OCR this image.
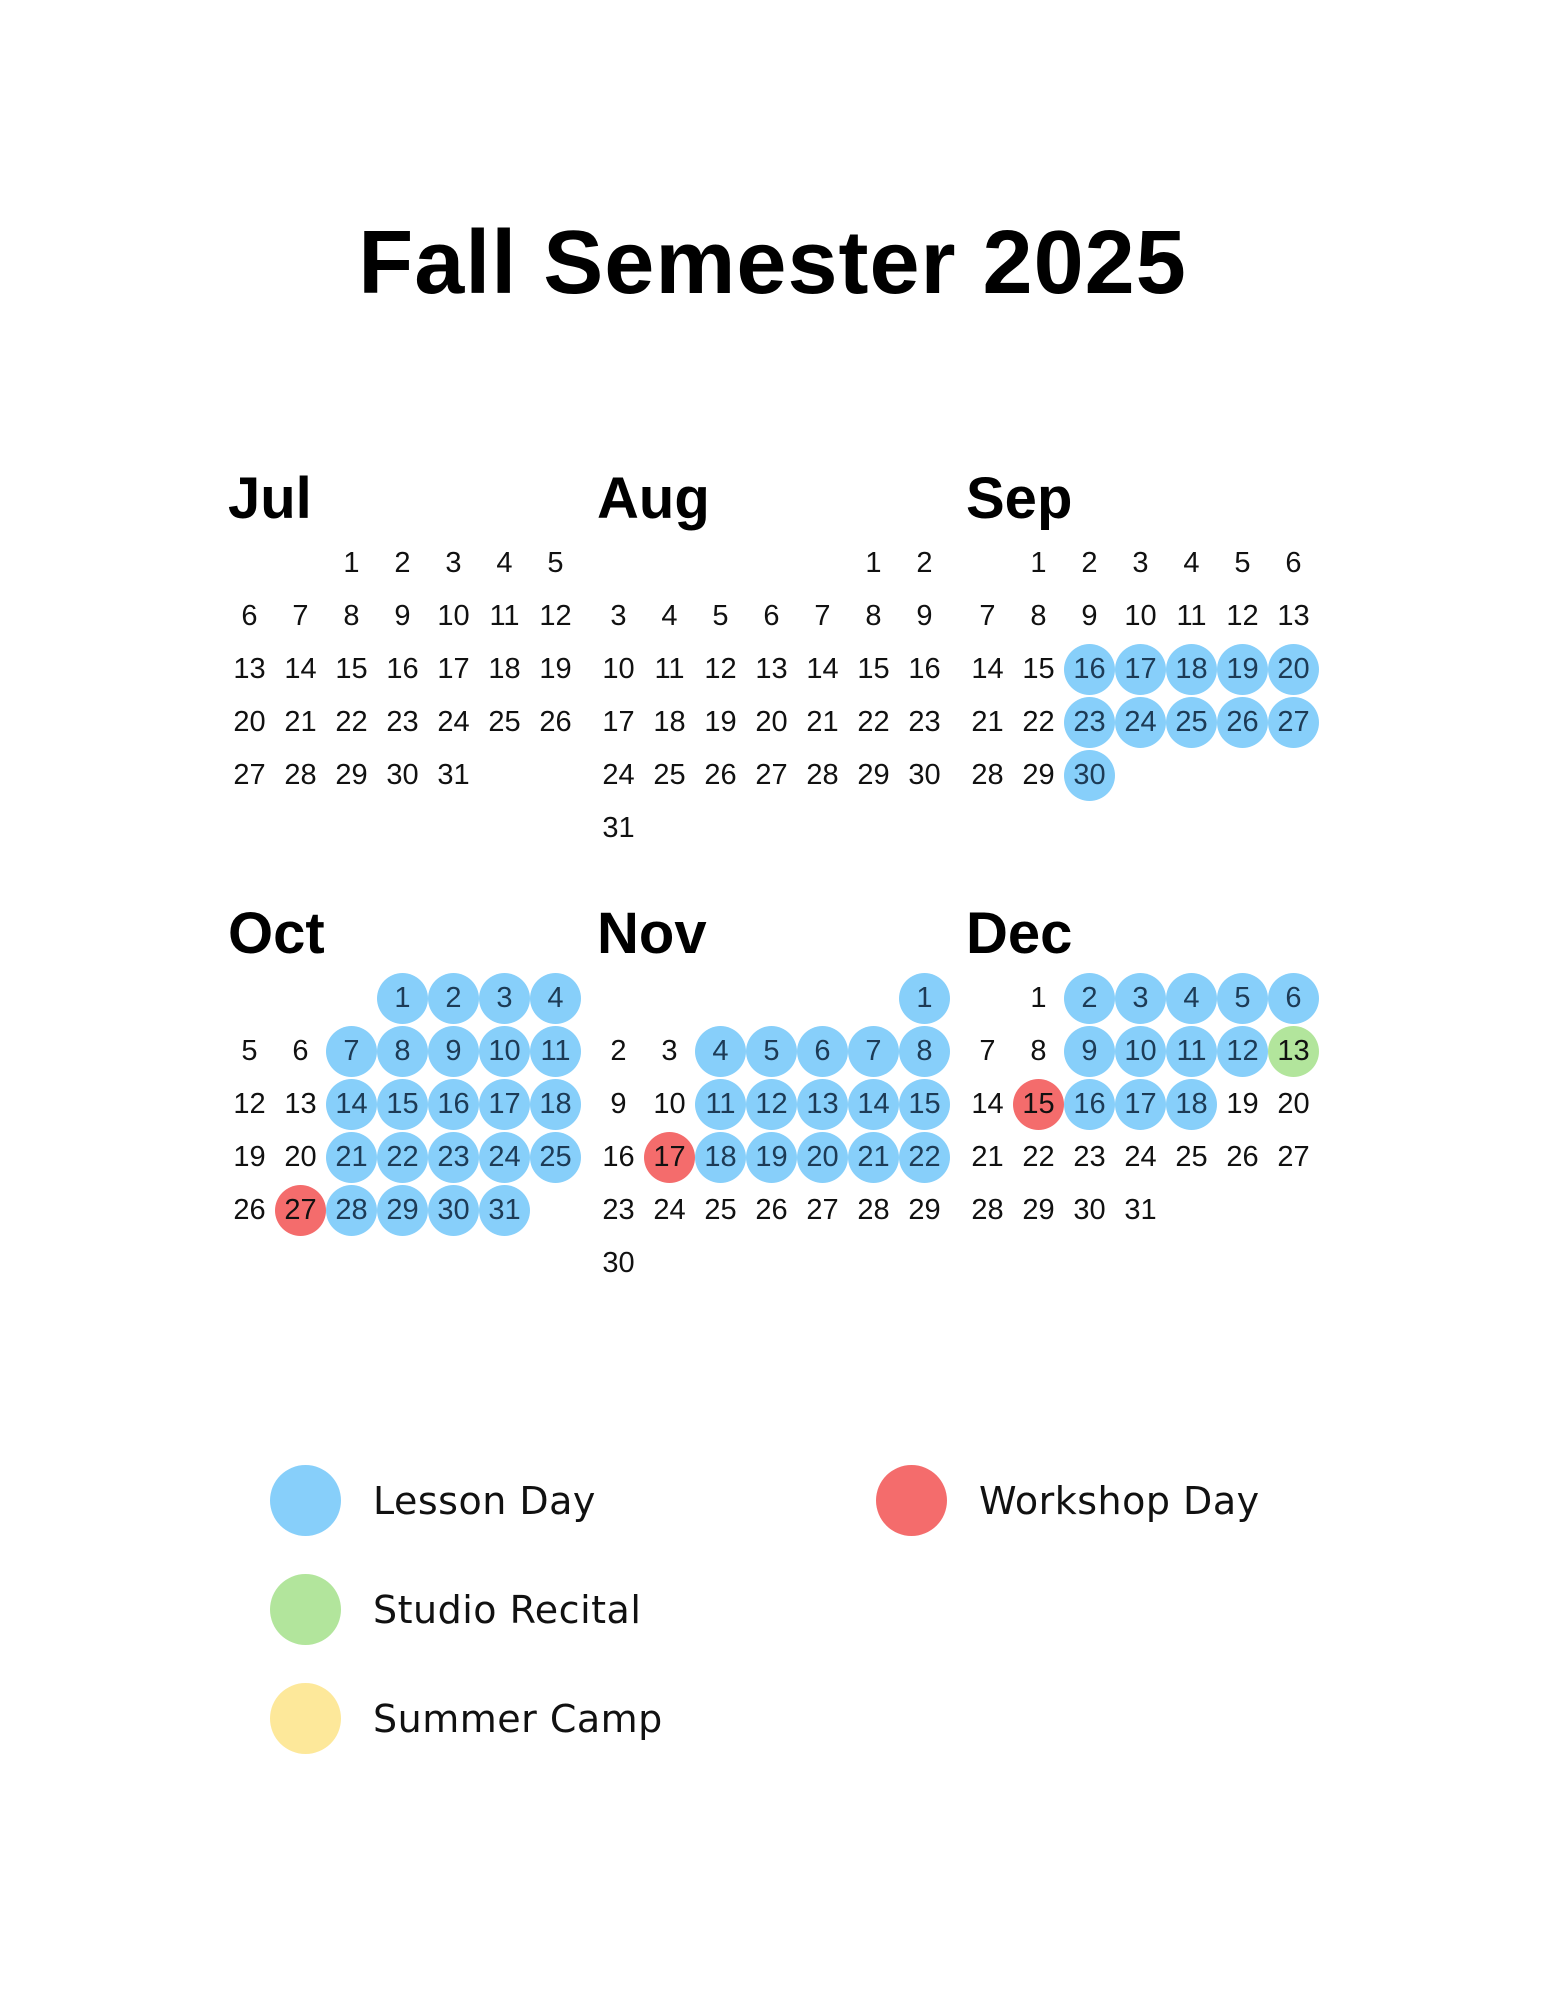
Fall Semester 2025
Jul
1 2 3 4 5
6 7 8 9 10 11 12
13 14 15 16 17 18 19
20 21 22 23 24 25 26
27 28 29 30 31
Aug
1 2
3 4 5 6 7 8 9
10 11 12 13 14 15 16
17 18 19 20 21 22 23
24 25 26 27 28 29 30
31
Sep
1 2 3 4 5 6
7 8 9 10 11 12 13
14 15 16 17 18 19 20
21 22 23 24 25 26 27
28 29 30
Oct
1 2 3 4
5 6 7 8 9 10 11
12 13 14 15 16 17 18
19 20 21 22 23 24 25
26 27 28 29 30 31
Nov
1
2 3 4 5 6 7 8
9 10 11 12 13 14 15
16 17 18 19 20 21 22
23 24 25 26 27 28 29
30
Dec
1 2 3 4 5 6
7 8 9 10 11 12 13
14 15 16 17 18 19 20
21 22 23 24 25 26 27
28 29 30 31
Lesson Day	Workshop Day
Studio Recital
Summer Camp
